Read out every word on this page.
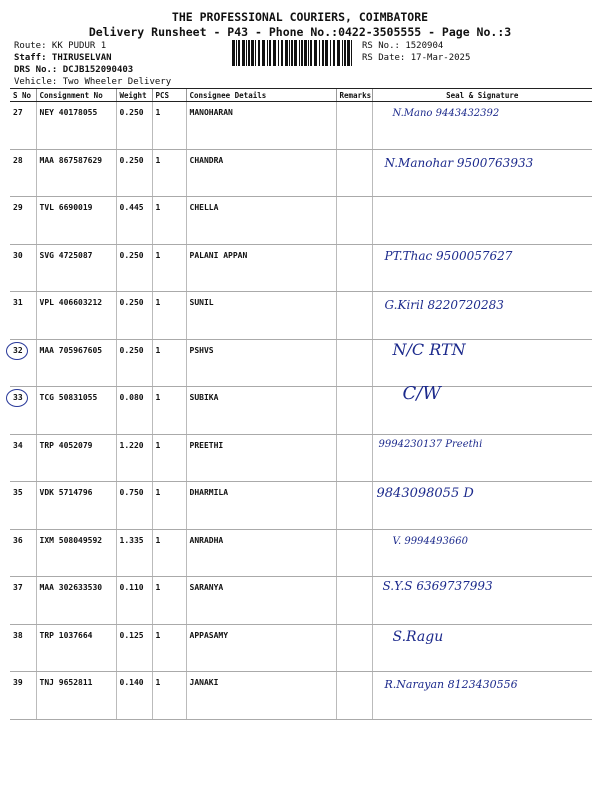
THE PROFESSIONAL COURIERS, COIMBATORE
Delivery Runsheet - P43 - Phone No.:0422-3505555 - Page No.:3
Route: KK PUDUR 1
Staff: THIRUSELVAN
DRS No.: DCJB152090403
Vehicle: Two Wheeler Delivery
RS No.: 1520904
RS Date: 17-Mar-2025
S No	Consignment No	Weight	PCS	Consignee Details	Remarks	Seal & Signature
27	NEY 40178055	0.250	1	MANOHARAN		N.Mano 9443432392

28	MAA 867587629	0.250	1	CHANDRA		N.Manohar 9500763933

29	TVL 6690019	0.445	1	CHELLA		

30	SVG 4725087	0.250	1	PALANI APPAN		PT.Thac 9500057627

31	VPL 406603212	0.250	1	SUNIL		G.Kiril 8220720283

32	MAA 705967605	0.250	1	PSHVS		N/C RTN

33	TCG 50831055	0.080	1	SUBIKA		C/W

34	TRP 4052079	1.220	1	PREETHI		9994230137 Preethi

35	VDK 5714796	0.750	1	DHARMILA		9843098055 D

36	IXM 508049592	1.335	1	ANRADHA		V. 9994493660

37	MAA 302633530	0.110	1	SARANYA		S.Y.S 6369737993

38	TRP 1037664	0.125	1	APPASAMY		S.Ragu

39	TNJ 9652811	0.140	1	JANAKI		R.Narayan 8123430556
